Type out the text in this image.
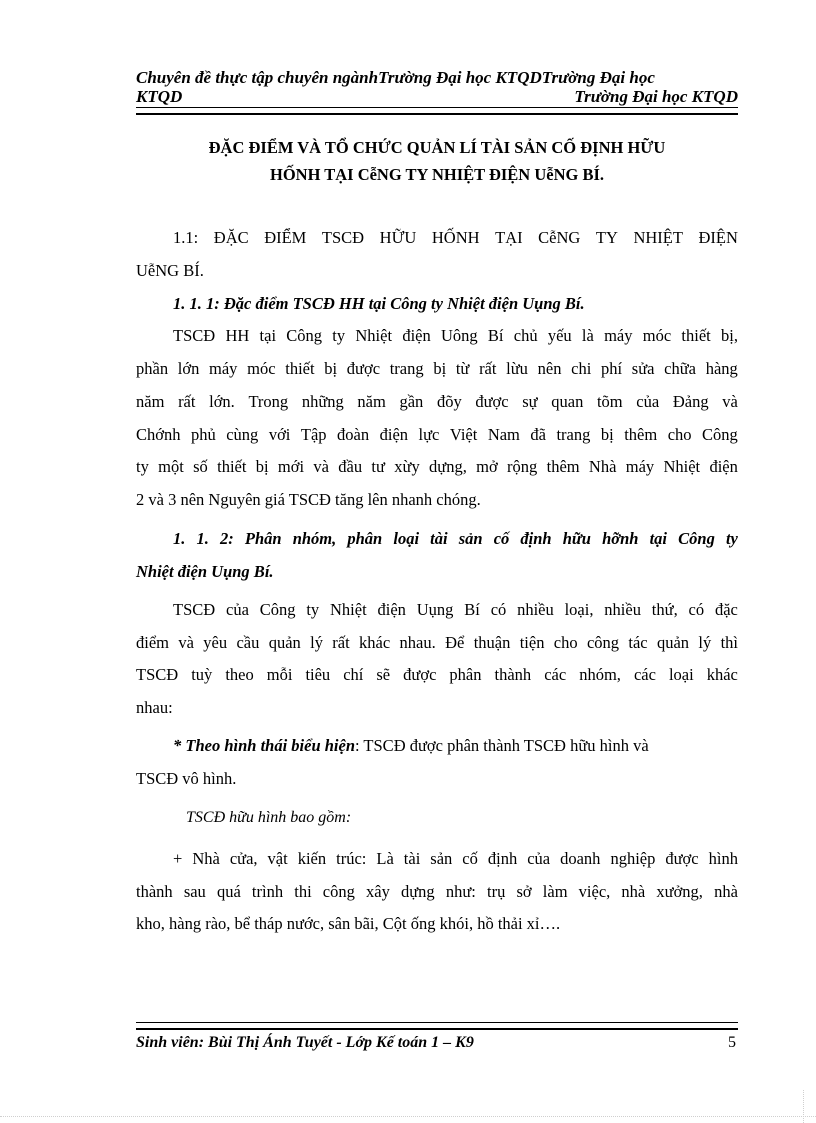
Chuyên đề thực tập chuyên ngànhTrường Đại học KTQDTrường Đại học
KTQD	Trường Đại học KTQD
ĐẶC ĐIỂM VÀ TỔ CHỨC QUẢN LÍ TÀI SẢN CỐ ĐỊNH HỮU
HỐNH TẠI CễNG TY NHIỆT ĐIỆN UễNG BÍ.
1.1: ĐẶC ĐIỂM TSCĐ HỮU HỐNH TẠI CễNG TY NHIỆT ĐIỆN
UễNG BÍ.
1. 1. 1: Đặc điểm TSCĐ HH tại Công ty Nhiệt điện Uụng Bí.
TSCĐ HH tại Công ty Nhiệt điện Uông Bí chủ yếu là máy móc thiết bị,
phần lớn máy móc thiết bị được trang bị từ rất lừu nên chi phí sửa chữa hàng
năm rất lớn. Trong những năm gần đõy được sự quan tõm của Đảng và
Chớnh phủ cùng với Tập đoàn điện lực Việt Nam đã trang bị thêm cho Công
ty một số thiết bị mới và đầu tư xừy dựng, mở rộng thêm Nhà máy Nhiệt điện
2 và 3 nên Nguyên giá TSCĐ tăng lên nhanh chóng.
1. 1. 2: Phân nhóm, phân loại tài sản cố định hữu hỡnh tại Công ty
Nhiệt điện Uụng Bí.
TSCĐ của Công ty Nhiệt điện Uụng Bí có nhiều loại, nhiều thứ, có đặc
điểm và yêu cầu quản lý rất khác nhau. Để thuận tiện cho công tác quản lý thì
TSCĐ tuỳ theo mỗi tiêu chí sẽ được phân thành các nhóm, các loại khác
nhau:
* Theo hình thái biểu hiện: TSCĐ được phân thành TSCĐ hữu hình và
TSCĐ vô hình.
TSCĐ hữu hình bao gồm:
+ Nhà cửa, vật kiến trúc: Là tài sản cố định của doanh nghiệp được hình
thành sau quá trình thi công xây dựng như: trụ sở làm việc, nhà xưởng, nhà
kho, hàng rào, bể tháp nước, sân bãi, Cột ống khói, hồ thải xỉ….
Sinh viên: Bùi Thị Ánh Tuyết - Lớp Kế toán 1 – K9	5
